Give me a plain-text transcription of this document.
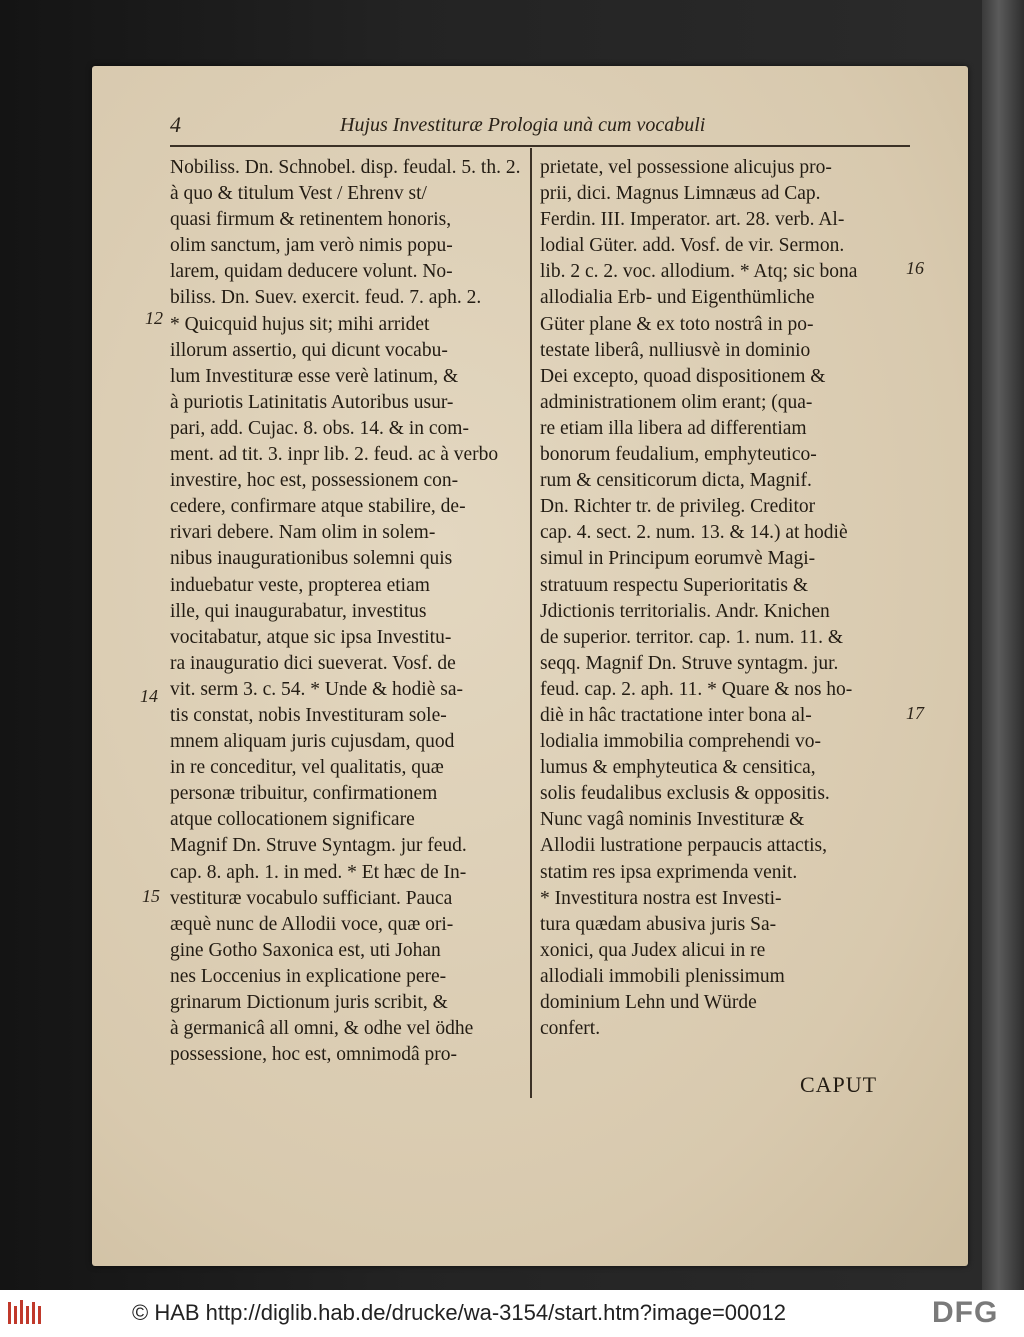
4	Hujus Investituræ Prologia unà cum vocabuli
Nobiliss. Dn. Schnobel. disp. feudal. 5. th. 2.
à quo & titulum Vest / Ehrenv st/
quasi firmum & retinentem honoris,
olim sanctum, jam verò nimis popu-
larem, quidam deducere volunt. No-
biliss. Dn. Suev. exercit. feud. 7. aph. 2.
* Quicquid hujus sit; mihi arridet
illorum assertio, qui dicunt vocabu-
lum Investituræ esse verè latinum, &
à puriotis Latinitatis Autoribus usur-
pari, add. Cujac. 8. obs. 14. & in com-
ment. ad tit. 3. inpr lib. 2. feud. ac à verbo
investire, hoc est, possessionem con-
cedere, confirmare atque stabilire, de-
rivari debere. Nam olim in solem-
nibus inaugurationibus solemni quis
induebatur veste, propterea etiam
ille, qui inaugurabatur, investitus
vocitabatur, atque sic ipsa Investitu-
ra inauguratio dici sueverat. Vosf. de
vit. serm 3. c. 54. * Unde & hodiè sa-
tis constat, nobis Investituram sole-
mnem aliquam juris cujusdam, quod
in re conceditur, vel qualitatis, quæ
personæ tribuitur, confirmationem
atque collocationem significare
Magnif Dn. Struve Syntagm. jur feud.
cap. 8. aph. 1. in med. * Et hæc de In-
vestituræ vocabulo sufficiant. Pauca
æquè nunc de Allodii voce, quæ ori-
gine Gotho Saxonica est, uti Johan
nes Loccenius in explicatione pere-
grinarum Dictionum juris scribit, &
à germanicâ all omni, & odhe vel ödhe
possessione, hoc est, omnimodâ pro-
prietate, vel possessione alicujus pro-
prii, dici. Magnus Limnæus ad Cap.
Ferdin. III. Imperator. art. 28. verb. Al-
lodial Güter. add. Vosf. de vir. Sermon.
lib. 2 c. 2. voc. allodium. * Atq; sic bona
allodialia Erb- und Eigenthümliche
Güter plane & ex toto nostrâ in po-
testate liberâ, nulliusvè in dominio
Dei excepto, quoad dispositionem &
administrationem olim erant; (qua-
re etiam illa libera ad differentiam
bonorum feudalium, emphyteutico-
rum & censiticorum dicta, Magnif.
Dn. Richter tr. de privileg. Creditor
cap. 4. sect. 2. num. 13. & 14.) at hodiè
simul in Principum eorumvè Magi-
stratuum respectu Superioritatis &
Jdictionis territorialis. Andr. Knichen
de superior. territor. cap. 1. num. 11. &
seqq. Magnif Dn. Struve syntagm. jur.
feud. cap. 2. aph. 11. * Quare & nos ho-
diè in hâc tractatione inter bona al-
lodialia immobilia comprehendi vo-
lumus & emphyteutica & censitica,
solis feudalibus exclusis & oppositis.
Nunc vagâ nominis Investituræ &
Allodii lustratione perpaucis attactis,
statim res ipsa exprimenda venit.
* Investitura nostra est Investi-
tura quædam abusiva juris Sa-
xonici, qua Judex alicui in re
allodiali immobili plenissimum
dominium Lehn und Würde
confert.
12
14
15
16
17
CAPUT
© HAB http://diglib.hab.de/drucke/wa-3154/start.htm?image=00012	DFG
